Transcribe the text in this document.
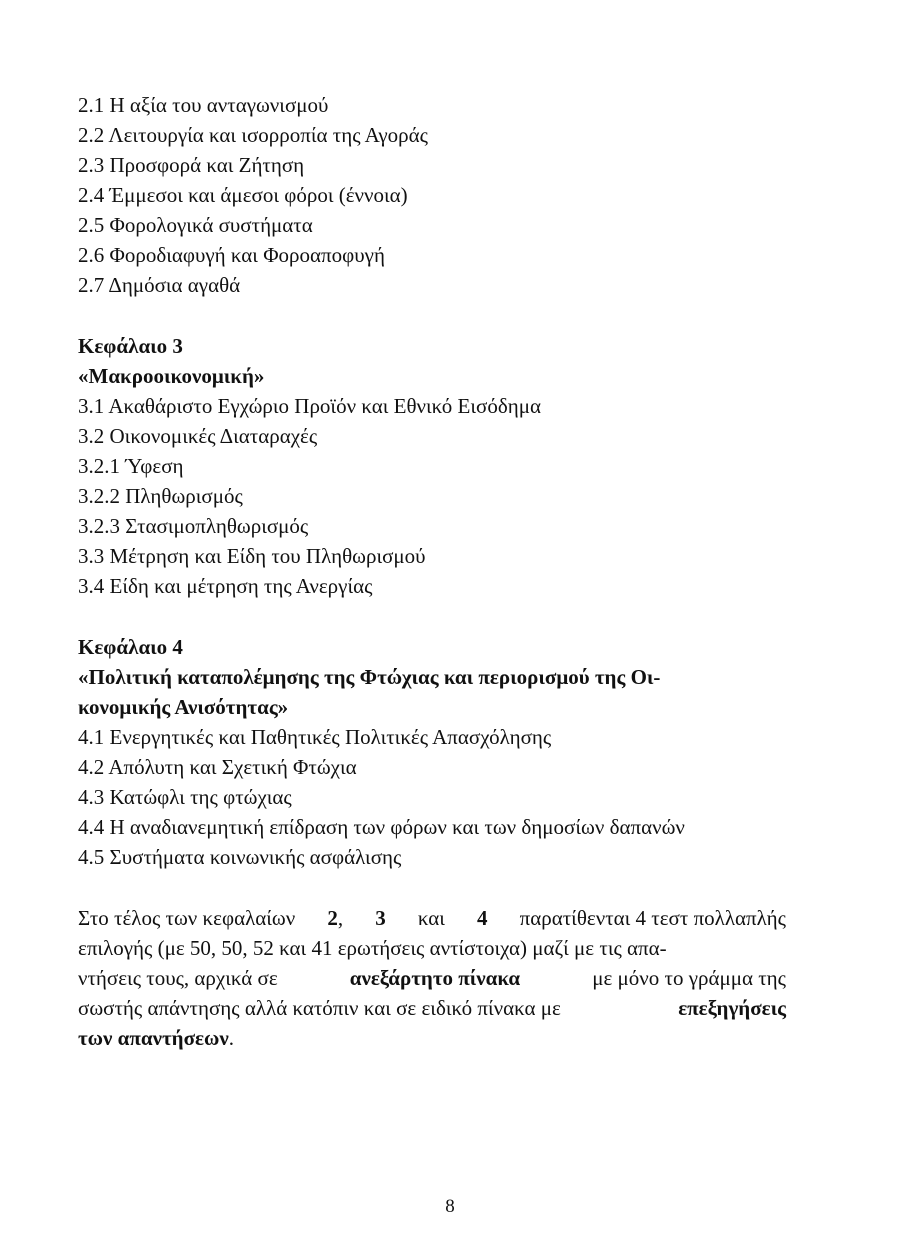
2.1 Η αξία του ανταγωνισμού

2.2 Λειτουργία και ισορροπία της Αγοράς

2.3 Προσφορά και Ζήτηση

2.4 Έμμεσοι και άμεσοι φόροι (έννοια)

2.5 Φορολογικά συστήματα

2.6 Φοροδιαφυγή και Φοροαποφυγή

2.7 Δημόσια αγαθά

Κεφάλαιο 3

«Μακροοικονομική»

3.1 Ακαθάριστο Εγχώριο Προϊόν και Εθνικό Εισόδημα

3.2 Οικονομικές Διαταραχές

3.2.1 Ύφεση

3.2.2 Πληθωρισμός

3.2.3 Στασιμοπληθωρισμός

3.3 Μέτρηση και Είδη του Πληθωρισμού

3.4 Είδη και μέτρηση της Ανεργίας

Κεφάλαιο 4

«Πολιτική καταπολέμησης της Φτώχιας και περιορισμού της Οι-
κονομικής Ανισότητας»

4.1 Ενεργητικές και Παθητικές Πολιτικές Απασχόλησης

4.2 Απόλυτη και Σχετική Φτώχια

4.3 Κατώφλι της φτώχιας

4.4 Η αναδιανεμητική επίδραση των φόρων και των δημοσίων δαπανών

4.5 Συστήματα κοινωνικής ασφάλισης

Στο τέλος των κεφαλαίων 2, 3 και 4 παρατίθενται 4 τεστ πολλαπλής
επιλογής (με 50, 50, 52 και 41 ερωτήσεις αντίστοιχα) μαζί με τις απα-
ντήσεις τους, αρχικά σε	ανεξάρτητο πίνακα	με μόνο το γράμμα της
σωστής απάντησης αλλά κατόπιν και σε ειδικό πίνακα με	επεξηγήσεις
των απαντήσεων.
8
